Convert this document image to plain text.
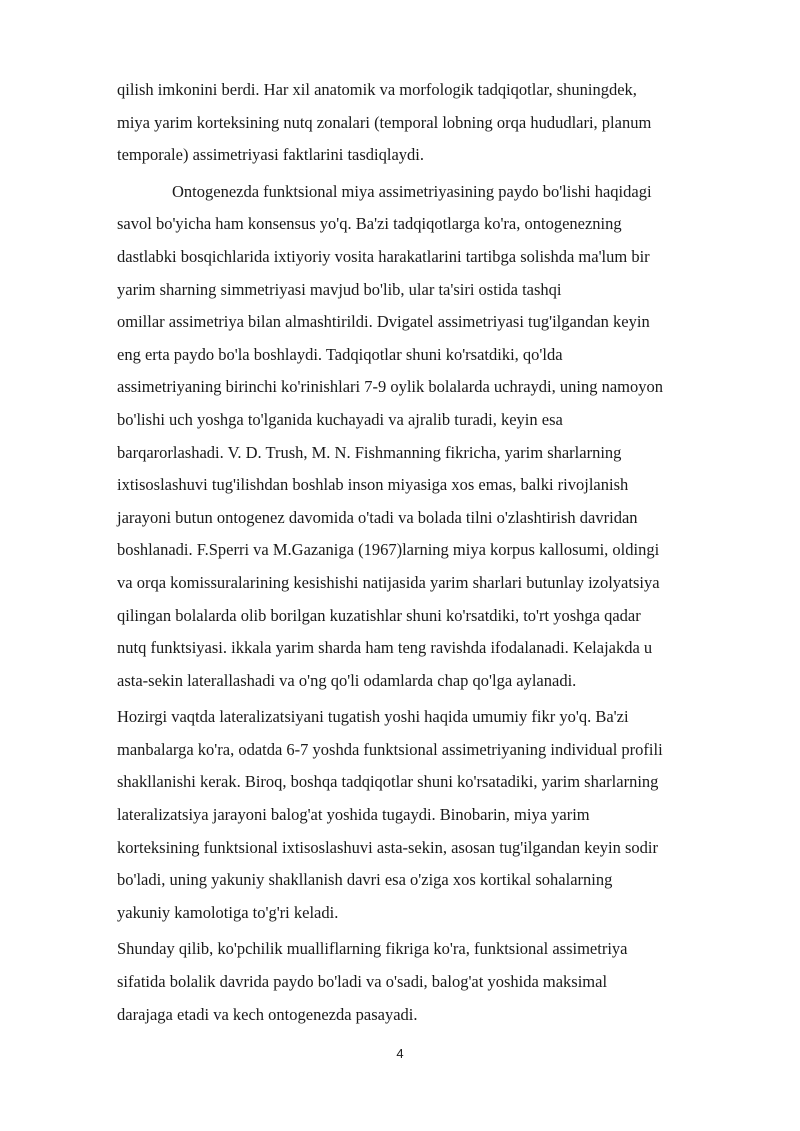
qilish imkonini berdi. Har xil anatomik va morfologik tadqiqotlar, shuningdek,
miya yarim korteksining nutq zonalari (temporal lobning orqa hududlari, planum
temporale) assimetriyasi faktlarini tasdiqlaydi.
Ontogenezda funktsional miya assimetriyasining paydo bo'lishi haqidagi
savol bo'yicha ham konsensus yo'q. Ba'zi tadqiqotlarga ko'ra, ontogenezning
dastlabki bosqichlarida ixtiyoriy vosita harakatlarini tartibga solishda ma'lum bir
yarim sharning simmetriyasi mavjud bo'lib, ular ta'siri ostida tashqi
omillar assimetriya bilan almashtirildi. Dvigatel assimetriyasi tug'ilgandan keyin
eng erta paydo bo'la boshlaydi. Tadqiqotlar shuni ko'rsatdiki, qo'lda
assimetriyaning birinchi ko'rinishlari 7-9 oylik bolalarda uchraydi, uning namoyon
bo'lishi uch yoshga to'lganida kuchayadi va ajralib turadi, keyin esa
barqarorlashadi. V. D. Trush, M. N. Fishmanning fikricha, yarim sharlarning
ixtisoslashuvi tug'ilishdan boshlab inson miyasiga xos emas, balki rivojlanish
jarayoni butun ontogenez davomida o'tadi va bolada tilni o'zlashtirish davridan
boshlanadi. F.Sperri va M.Gazaniga (1967)larning miya korpus kallosumi, oldingi
va orqa komissuralarining kesishishi natijasida yarim sharlari butunlay izolyatsiya
qilingan bolalarda olib borilgan kuzatishlar shuni ko'rsatdiki, to'rt yoshga qadar
nutq funktsiyasi. ikkala yarim sharda ham teng ravishda ifodalanadi. Kelajakda u
asta-sekin laterallashadi va o'ng qo'li odamlarda chap qo'lga aylanadi.
Hozirgi vaqtda lateralizatsiyani tugatish yoshi haqida umumiy fikr yo'q. Ba'zi
manbalarga ko'ra, odatda 6-7 yoshda funktsional assimetriyaning individual profili
shakllanishi kerak. Biroq, boshqa tadqiqotlar shuni ko'rsatadiki, yarim sharlarning
lateralizatsiya jarayoni balog'at yoshida tugaydi. Binobarin, miya yarim
korteksining funktsional ixtisoslashuvi asta-sekin, asosan tug'ilgandan keyin sodir
bo'ladi, uning yakuniy shakllanish davri esa o'ziga xos kortikal sohalarning
yakuniy kamolotiga to'g'ri keladi.
Shunday qilib, ko'pchilik mualliflarning fikriga ko'ra, funktsional assimetriya
sifatida bolalik davrida paydo bo'ladi va o'sadi, balog'at yoshida maksimal
darajaga etadi va kech ontogenezda pasayadi.
4
